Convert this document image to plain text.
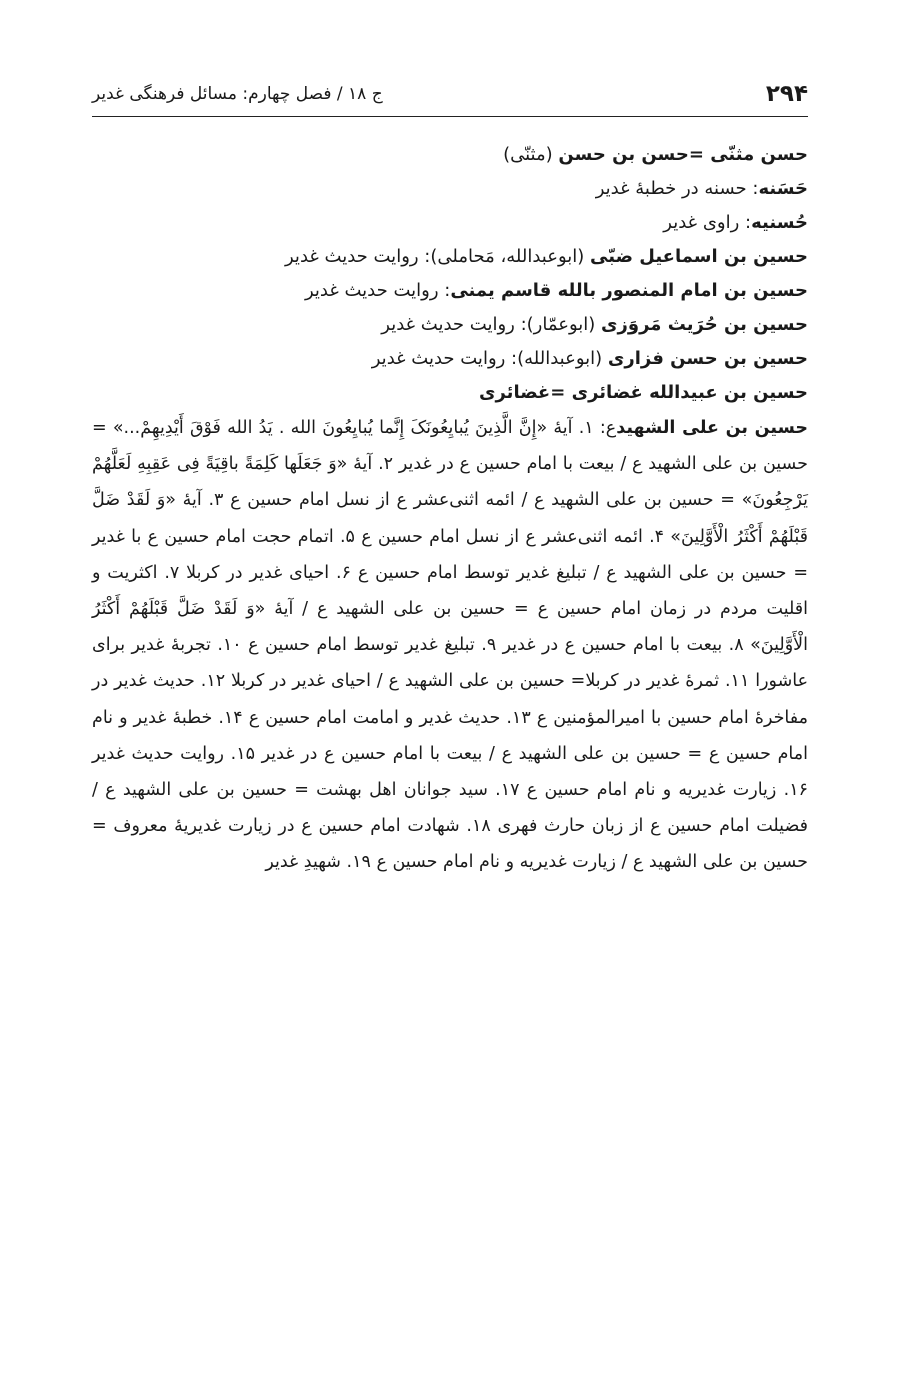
۲۹۴
ج ۱۸ / فصل چهارم: مسائل فرهنگی غدیر

حسن مثنّی =حسن بن حسن (مثنّی)

حَسَنه: حسنه در خطبۀ غدیر

حُسنیه: راوی غدیر

حسین بن اسماعیل ضبّی (ابوعبدالله، مَحاملی): روایت حدیث غدیر

حسین بن امام المنصور بالله قاسم یمنی: روایت حدیث غدیر

حسین بن حُرَیث مَروَزی (ابوعمّار): روایت حدیث غدیر

حسین بن حسن فزاری (ابوعبدالله): روایت حدیث غدیر

حسین بن عبیدالله غضائری =غضائری

حسین بن علی الشهیدع: ۱. آیۀ «إِنَّ الَّذِینَ یُبایِعُونَکَ إِنَّما یُبایِعُونَ الله . یَدُ الله فَوْقَ أَیْدِیهِمْ...» = حسین بن علی الشهید ع / بیعت با امام حسین ع در غدیر ۲. آیۀ «وَ جَعَلَها کَلِمَةً باقِیَةً فِی عَقِبِهِ لَعَلَّهُمْ یَرْجِعُونَ» = حسین بن علی الشهید ع / ائمه اثنی‌عشر ع از نسل امام حسین ع ۳. آیۀ «وَ لَقَدْ ضَلَّ قَبْلَهُمْ أَکْثَرُ الْأَوَّلِینَ» ۴. ائمه اثنی‌عشر ع از نسل امام حسین ع ۵. اتمام حجت امام حسین ع با غدیر = حسین بن علی الشهید ع / تبلیغ غدیر توسط امام حسین ع ۶. احیای غدیر در کربلا ۷. اکثریت و اقلیت مردم در زمان امام حسین ع = حسین بن علی الشهید ع / آیۀ «وَ لَقَدْ ضَلَّ قَبْلَهُمْ أَکْثَرُ الْأَوَّلِینَ» ۸. بیعت با امام حسین ع در غدیر ۹. تبلیغ غدیر توسط امام حسین ع ۱۰. تجربۀ غدیر برای عاشورا ۱۱. ثمرۀ غدیر در کربلا= حسین بن علی الشهید ع / احیای غدیر در کربلا ۱۲. حدیث غدیر در مفاخرۀ امام حسین با امیرالمؤمنین ع ۱۳. حدیث غدیر و امامت امام حسین ع ۱۴. خطبۀ غدیر و نام امام حسین ع = حسین بن علی الشهید ع / بیعت با امام حسین ع در غدیر ۱۵. روایت حدیث غدیر ۱۶. زیارت غدیریه و نام امام حسین ع ۱۷. سید جوانان اهل بهشت = حسین بن علی الشهید ع / فضیلت امام حسین ع از زبان حارث فهری ۱۸. شهادت امام حسین ع در زیارت غدیریۀ معروف = حسین بن علی الشهید ع / زیارت غدیریه و نام امام حسین ع ۱۹. شهیدِ غدیر
